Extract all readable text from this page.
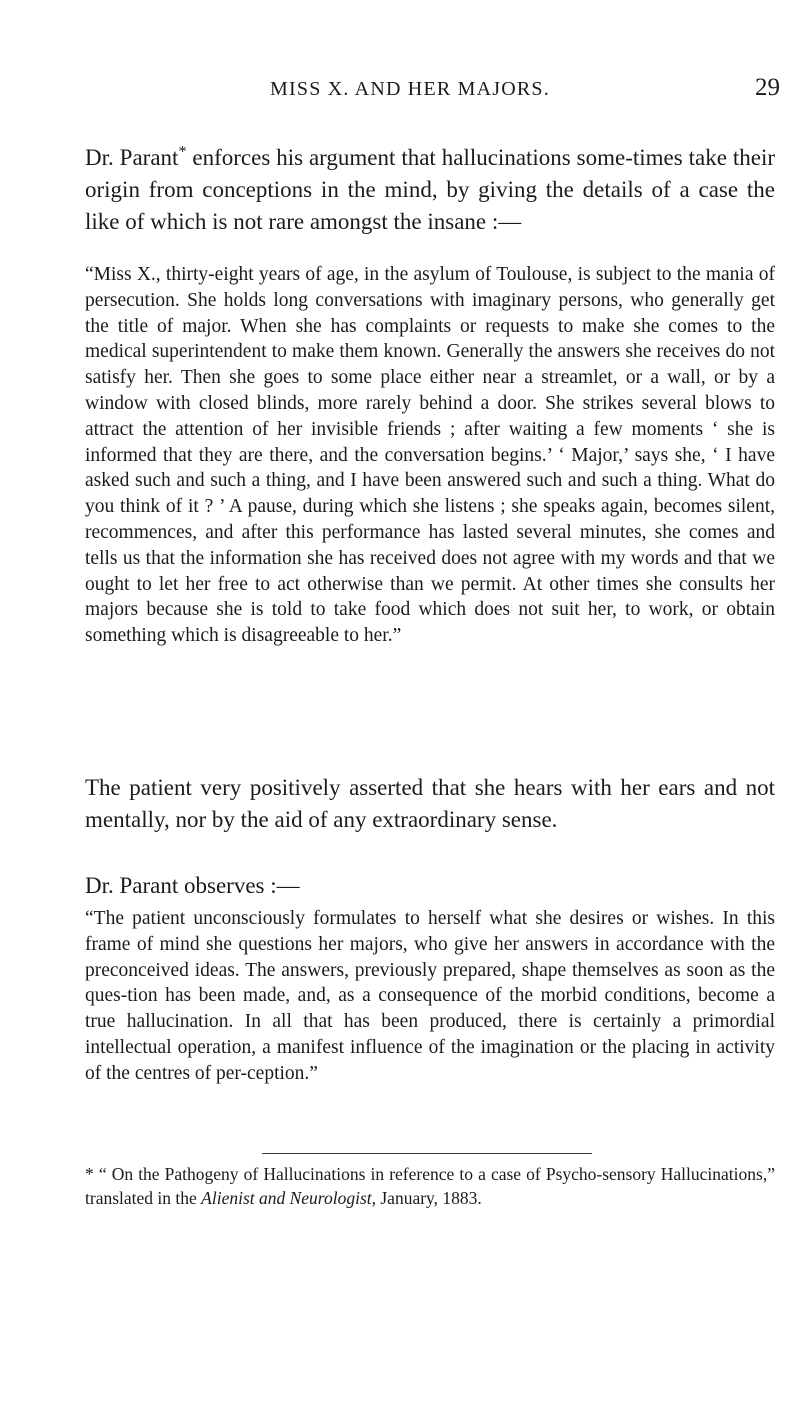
MISS X. AND HER MAJORS.	29
Dr. Parant* enforces his argument that hallucinations some-times take their origin from conceptions in the mind, by giving the details of a case the like of which is not rare amongst the insane :—
“Miss X., thirty-eight years of age, in the asylum of Toulouse, is subject to the mania of persecution. She holds long conversations with imaginary persons, who generally get the title of major. When she has complaints or requests to make she comes to the medical superintendent to make them known. Generally the answers she receives do not satisfy her. Then she goes to some place either near a streamlet, or a wall, or by a window with closed blinds, more rarely behind a door. She strikes several blows to attract the attention of her invisible friends ; after waiting a few moments ‘ she is informed that they are there, and the conversation begins.’ ‘ Major,’ says she, ‘ I have asked such and such a thing, and I have been answered such and such a thing. What do you think of it ? ’ A pause, during which she listens ; she speaks again, becomes silent, recommences, and after this performance has lasted several minutes, she comes and tells us that the information she has received does not agree with my words and that we ought to let her free to act otherwise than we permit. At other times she consults her majors because she is told to take food which does not suit her, to work, or obtain something which is disagreeable to her.”
The patient very positively asserted that she hears with her ears and not mentally, nor by the aid of any extraordinary sense.
Dr. Parant observes :—
“The patient unconsciously formulates to herself what she desires or wishes. In this frame of mind she questions her majors, who give her answers in accordance with the preconceived ideas. The answers, previously prepared, shape themselves as soon as the ques-tion has been made, and, as a consequence of the morbid conditions, become a true hallucination. In all that has been produced, there is certainly a primordial intellectual operation, a manifest influence of the imagination or the placing in activity of the centres of per-ception.”
* “ On the Pathogeny of Hallucinations in reference to a case of Psycho-sensory Hallucinations,” translated in the Alienist and Neurologist, January, 1883.
